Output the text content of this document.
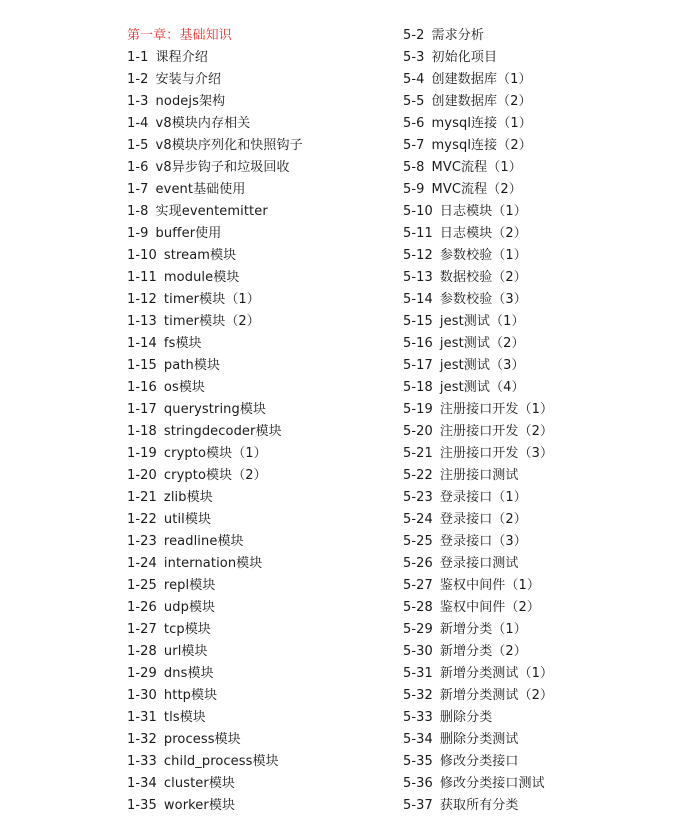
第一章：基础知识
1-1 课程介绍
1-2 安装与介绍
1-3 nodejs架构
1-4 v8模块内存相关
1-5 v8模块序列化和快照钩子
1-6 v8异步钩子和垃圾回收
1-7 event基础使用
1-8 实现eventemitter
1-9 buffer使用
1-10 stream模块
1-11 module模块
1-12 timer模块（1）
1-13 timer模块（2）
1-14 fs模块
1-15 path模块
1-16 os模块
1-17 querystring模块
1-18 stringdecoder模块
1-19 crypto模块（1）
1-20 crypto模块（2）
1-21 zlib模块
1-22 util模块
1-23 readline模块
1-24 internation模块
1-25 repl模块
1-26 udp模块
1-27 tcp模块
1-28 url模块
1-29 dns模块
1-30 http模块
1-31 tls模块
1-32 process模块
1-33 child_process模块
1-34 cluster模块
1-35 worker模块
5-2 需求分析
5-3 初始化项目
5-4 创建数据库（1）
5-5 创建数据库（2）
5-6 mysql连接（1）
5-7 mysql连接（2）
5-8 MVC流程（1）
5-9 MVC流程（2）
5-10 日志模块（1）
5-11 日志模块（2）
5-12 参数校验（1）
5-13 数据校验（2）
5-14 参数校验（3）
5-15 jest测试（1）
5-16 jest测试（2）
5-17 jest测试（3）
5-18 jest测试（4）
5-19 注册接口开发（1）
5-20 注册接口开发（2）
5-21 注册接口开发（3）
5-22 注册接口测试
5-23 登录接口（1）
5-24 登录接口（2）
5-25 登录接口（3）
5-26 登录接口测试
5-27 鉴权中间件（1）
5-28 鉴权中间件（2）
5-29 新增分类（1）
5-30 新增分类（2）
5-31 新增分类测试（1）
5-32 新增分类测试（2）
5-33 删除分类
5-34 删除分类测试
5-35 修改分类接口
5-36 修改分类接口测试
5-37 获取所有分类
